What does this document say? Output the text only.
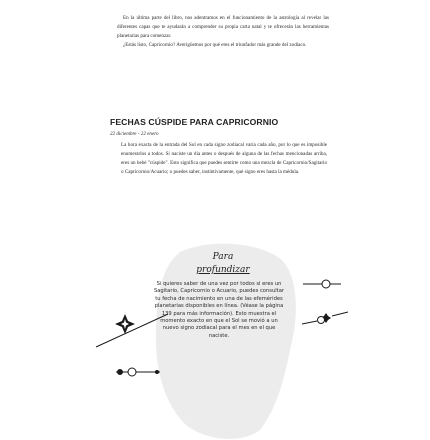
En la última parte del libro, nos adentramos en el funcionamiento de la astrología al revelar las diferentes capas que te ayudarán a comprender su propia carta natal y te ofrecerán las herramientas planetarias para comenzar.

¿Estás listo, Capricornio? Averigüemos por qué eres el triunfador más grande del zodiaco.

FECHAS CÚSPIDE PARA CAPRICORNIO

22 diciembre - 22 enero

La hora exacta de la entrada del Sol en cada signo zodiacal varía cada año, por lo que es imposible enumerarlos a todos. Si naciste un día antes o después de alguna de las fechas mencionadas arriba, eres un bebé "cúspide". Esto significa que puedes sentirte como una mezcla de Capricornio/Sagitario o Capricornio/Acuario; o puedes saber, instintivamente, qué signo eres hasta la médula.

Para
profundizar
Si quieres saber de una vez por todos si eres un Sagitario, Capricornio o Acuario, puedes consultar tu fecha de nacimiento en una de las efemérides planetarias disponibles en línea. (Véase la página 139 para más información). Esto muestra el momento exacto en que el Sol se movió a un nuevo signo zodiacal para el mes en el que naciste.
